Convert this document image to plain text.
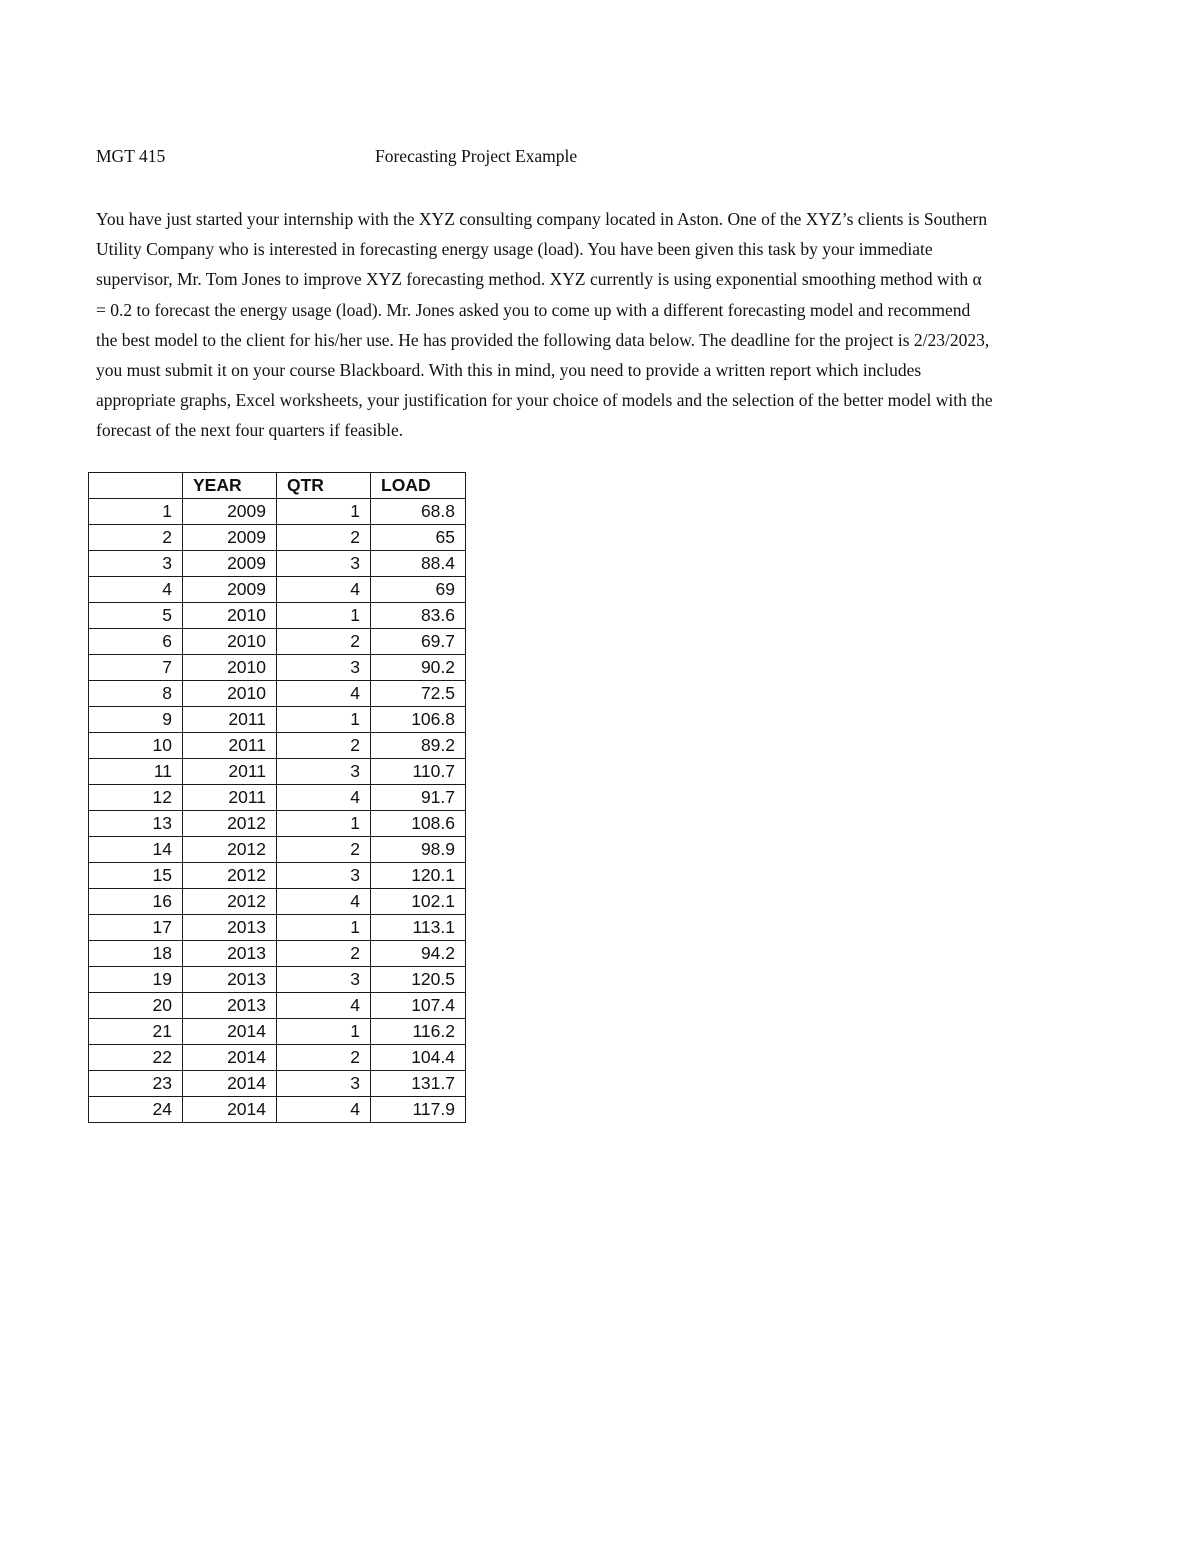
MGT 415	Forecasting Project Example

You have just started your internship with the XYZ consulting company located in Aston. One of the XYZ’s clients is Southern
Utility Company who is interested in forecasting energy usage (load). You have been given this task by your immediate
supervisor, Mr. Tom Jones to improve XYZ forecasting method. XYZ currently is using exponential smoothing method with α
= 0.2 to forecast the energy usage (load). Mr. Jones asked you to come up with a different forecasting model and recommend
the best model to the client for his/her use. He has provided the following data below. The deadline for the project is 2/23/2023,
you must submit it on your course Blackboard. With this in mind, you need to provide a written report which includes
appropriate graphs, Excel worksheets, your justification for your choice of models and the selection of the better model with the
forecast of the next four quarters if feasible.

	YEAR	QTR	LOAD
1	2009	1	68.8
2	2009	2	65
3	2009	3	88.4
4	2009	4	69
5	2010	1	83.6
6	2010	2	69.7
7	2010	3	90.2
8	2010	4	72.5
9	2011	1	106.8
10	2011	2	89.2
11	2011	3	110.7
12	2011	4	91.7
13	2012	1	108.6
14	2012	2	98.9
15	2012	3	120.1
16	2012	4	102.1
17	2013	1	113.1
18	2013	2	94.2
19	2013	3	120.5
20	2013	4	107.4
21	2014	1	116.2
22	2014	2	104.4
23	2014	3	131.7
24	2014	4	117.9
